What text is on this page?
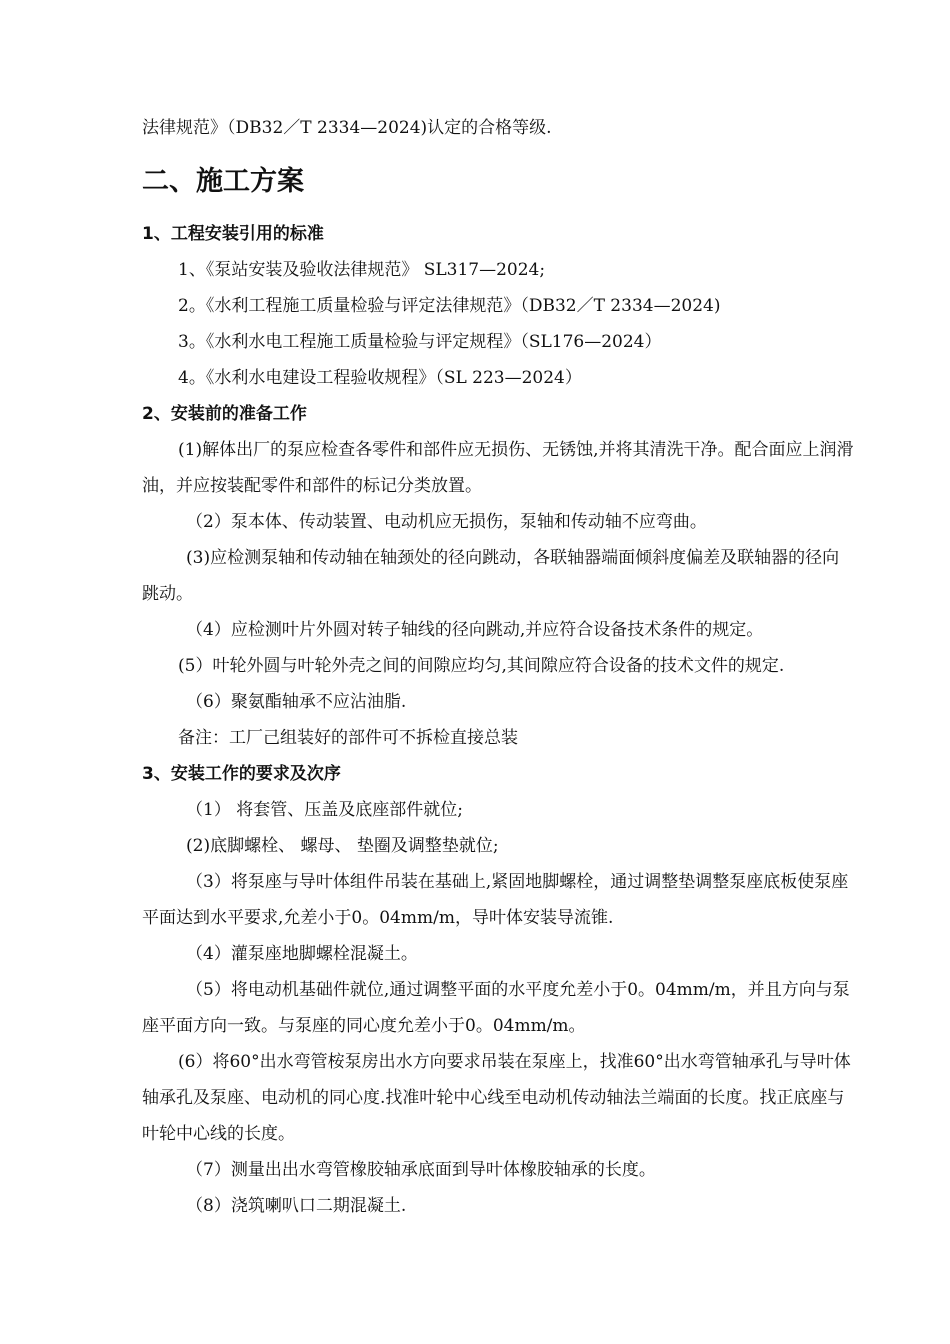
法律规范》（DB32／T 2334—2024)认定的合格等级.

二、施工方案
1、工程安装引用的标准

1、《泵站安装及验收法律规范》 SL317—2024;

2。《水利工程施工质量检验与评定法律规范》（DB32／T 2334—2024)

3。《水利水电工程施工质量检验与评定规程》（SL176—2024）

4。《水利水电建设工程验收规程》（SL 223—2024）

2、安装前的准备工作

(1)解体出厂的泵应检查各零件和部件应无损伤、无锈蚀,并将其清洗干净。配合面应上润滑油，并应按装配零件和部件的标记分类放置。

（2）泵本体、传动装置、电动机应无损伤，泵轴和传动轴不应弯曲。

(3)应检测泵轴和传动轴在轴颈处的径向跳动，各联轴器端面倾斜度偏差及联轴器的径向跳动。

（4）应检测叶片外圆对转子轴线的径向跳动,并应符合设备技术条件的规定。

(5）叶轮外圆与叶轮外壳之间的间隙应均匀,其间隙应符合设备的技术文件的规定.

（6）聚氨酯轴承不应沾油脂.

备注：工厂己组装好的部件可不拆检直接总装

3、安装工作的要求及次序

（1） 将套管、压盖及底座部件就位;

(2)底脚螺栓、 螺母、 垫圈及调整垫就位;

（3）将泵座与导叶体组件吊装在基础上,紧固地脚螺栓，通过调整垫调整泵座底板使泵座平面达到水平要求,允差小于0。04mm/m，导叶体安装导流锥.

（4）灌泵座地脚螺栓混凝土。

（5）将电动机基础件就位,通过调整平面的水平度允差小于0。04mm/m，并且方向与泵座平面方向一致。与泵座的同心度允差小于0。04mm/m。

(6）将60°出水弯管桉泵房出水方向要求吊装在泵座上，找准60°出水弯管轴承孔与导叶体轴承孔及泵座、电动机的同心度.找准叶轮中心线至电动机传动轴法兰端面的长度。找正底座与叶轮中心线的长度。

（7）测量出出水弯管橡胶轴承底面到导叶体橡胶轴承的长度。

（8）浇筑喇叭口二期混凝土.
